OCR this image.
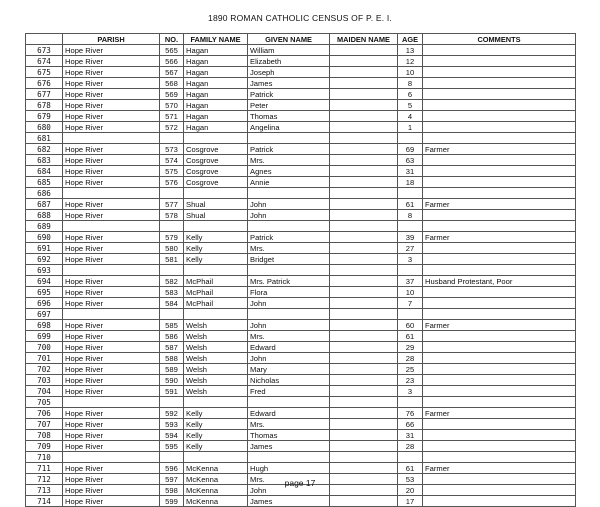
1890 ROMAN CATHOLIC CENSUS OF P. E. I.
	PARISH	NO.	FAMILY NAME	GIVEN NAME	MAIDEN NAME	AGE	COMMENTS
673	Hope River	565	Hagan	William		13	
674	Hope River	566	Hagan	Elizabeth		12	
675	Hope River	567	Hagan	Joseph		10	
676	Hope River	568	Hagan	James		8	
677	Hope River	569	Hagan	Patrick		6	
678	Hope River	570	Hagan	Peter		5	
679	Hope River	571	Hagan	Thomas		4	
680	Hope River	572	Hagan	Angelina		1	
681							
682	Hope River	573	Cosgrove	Patrick		69	Farmer
683	Hope River	574	Cosgrove	Mrs.		63	
684	Hope River	575	Cosgrove	Agnes		31	
685	Hope River	576	Cosgrove	Annie		18	
686							
687	Hope River	577	Shual	John		61	Farmer
688	Hope River	578	Shual	John		8	
689							
690	Hope River	579	Kelly	Patrick		39	Farmer
691	Hope River	580	Kelly	Mrs.		27	
692	Hope River	581	Kelly	Bridget		3	
693							
694	Hope River	582	McPhail	Mrs. Patrick		37	Husband Protestant, Poor
695	Hope River	583	McPhail	Flora		10	
696	Hope River	584	McPhail	John		7	
697							
698	Hope River	585	Welsh	John		60	Farmer
699	Hope River	586	Welsh	Mrs.		61	
700	Hope River	587	Welsh	Edward		29	
701	Hope River	588	Welsh	John		28	
702	Hope River	589	Welsh	Mary		25	
703	Hope River	590	Welsh	Nicholas		23	
704	Hope River	591	Welsh	Fred		3	
705							
706	Hope River	592	Kelly	Edward		76	Farmer
707	Hope River	593	Kelly	Mrs.		66	
708	Hope River	594	Kelly	Thomas		31	
709	Hope River	595	Kelly	James		28	
710							
711	Hope River	596	McKenna	Hugh		61	Farmer
712	Hope River	597	McKenna	Mrs.		53	
713	Hope River	598	McKenna	John		20	
714	Hope River	599	McKenna	James		17	
page 17
